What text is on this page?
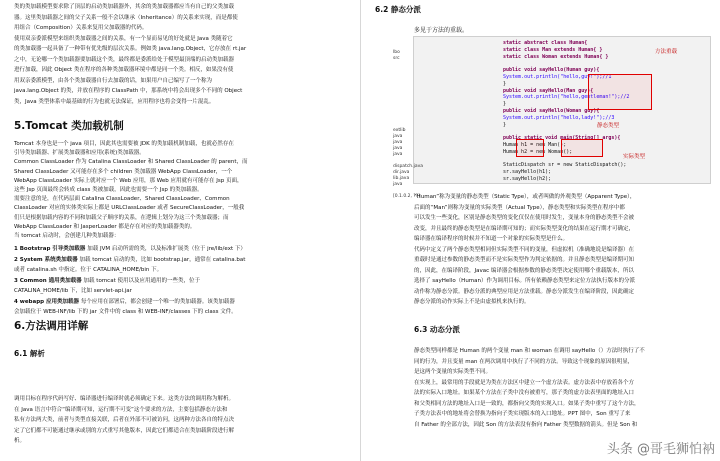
类的类加载模型要求除了顶层的启动类加载器外，其余的类加载器都应当有自己的父类加载
器。这里类加载器之间的父子关系一般不会以继承（Inheritance）的关系来实现，而是都使
用组合（Composition）关系来复用父加载器的代码。
使用双亲委派模型来组织类加载器之间的关系，有一个显而易见的好处就是 Java 类随着它
的类加载器一起具备了一种带有优先级的层次关系。例如类 java.lang.Object，它存放在 rt.jar
之中，无论哪一个类加载器要加载这个类，最终都是委派给处于模型最顶端的启动类加载器
进行加载，因此 Object 类在程序的各种类加载器环境中都是同一个类。相反，如果没有使
用双亲委派模型，由各个类加载器自行去加载的话，如果用户自己编写了一个称为
java.lang.Object 的类，并放在程序的 ClassPath 中，那系统中将会出现多个不同的 Object
类，Java 类型体系中最基础的行为也就无法保证，应用程序也将会变得一片混乱。
5.Tomcat 类加载机制
Tomcat 本身也是一个 java 项目，因此其也需要被 JDK 的类加载机制加载，也就必然存在
引导类加载器、扩展类加载器和应用(系统)类加载器。
Common ClassLoader 作为 Catalina ClassLoader 和 Shared ClassLoader 的 parent，而
Shared ClassLoader 又可能存在多个 children 类加载器 WebApp ClassLoader，一个
WebApp ClassLoader 实际上就对应一个 Web 应用，那 Web 应用就有可能存在 Jsp 页面，
这些 Jsp 页面最终会转成 class 类被加载，因此也需要一个 Jsp 的类加载器。
需要注意的是，在代码层面 Catalina ClassLoader、Shared ClassLoader、Common
ClassLoader 对应的实体类实际上都是 URLClassLoader 或者 SecureClassLoader，一般我
们只是根据加载内容的不同和加载父子顺序的关系，在逻辑上划分为这三个类加载器；而
WebApp ClassLoader 和 JasperLoader 都是存在对应的类加载器类的。
当 tomcat 启动时，会创建几种类加载器：
1 Bootstrap 引导类加载器 加载 JVM 启动所需的类，以及标准扩展类（位于 jre/lib/ext 下）
2 System 系统类加载器 加载 tomcat 启动的类，比如 bootstrap.jar，通常在 catalina.bat
或者 catalina.sh 中指定。位于 CATALINA_HOME/bin 下。
3 Common 通用类加载器 加载 tomcat 使用以及应用通用的一些类，位于
CATALINA_HOME/lib 下，比如 servlet-api.jar
4 webapp 应用类加载器 每个应用在部署后，都会创建一个唯一的类加载器。该类加载器
会加载位于 WEB-INF/lib 下的 jar 文件中的 class 和 WEB-INF/classes 下的 class 文件。
6.方法调用详解
6.1 解析
调用目标在程序代码写好、编译器进行编译时就必须确定下来。这类方法的调用称为解析。
在 Java 语言中符合“编译期可知，运行期不可变”这个要求的方法，主要包括静态方法和
私有方法两大类，前者与类型直接关联，后者在外部不可被访问，这两种方法各自的特点决
定了它们都不可能通过继承或别的方式重写其他版本，因此它们都适合在类加载阶段进行解
析。
6.2 静态分派
多见于方法的重载。
lbo
src
extlib
java
java
java
java
dispatch.java
dir.java
lib.java
java
[0.1.0.2, ??]
static abstract class Human{
static class Man extends Human{ }
static class Woman extends Human{ }

public void sayHello(Human guy){
System.out.println("hello,guy!");//1
}
public void sayHello(Man guy){
System.out.println("hello,gentleman!");//2
}
public void sayHello(Woman guy){
System.out.println("hello,lady!");//3
}

public static void main(String[] args){
Human h1 = new Man();
Human h2 = new Woman();

StaticDispatch sr = new StaticDispatch();
sr.sayHello(h1);
sr.sayHello(h2);
方法重载
静态类型
实际类型
“Human”称为变量的静态类型（Static Type），或者叫做的外观类型（Apparent Type），
后面的“Man”则称为变量的实际类型（Actual Type），静态类型和实际类型在程序中都
可以发生一些变化，区别是静态类型的变化仅仅在使用时发生，变量本身的静态类型不会被
改变，并且最终的静态类型是在编译期可知的；而实际类型变化的结果在运行期才可确定，
编译器在编译程序的时候并不知道一个对象的实际类型是什么。
代码中定义了两个静态类型相同但实际类型不同的变量，但虚拟机（准确地说是编译器）在
重载时是通过参数的静态类型而不是实际类型作为判定依据的。并且静态类型是编译期可知
的，因此，在编译阶段，Javac 编译器会根据参数的静态类型决定使用哪个重载版本，所以
选择了 sayHello（Human）作为调用目标。所有依赖静态类型来定位方法执行版本的分派
动作称为静态分派。静态分派的典型应用是方法重载。静态分派发生在编译阶段，因此确定
静态分派的动作实际上不是由虚拟机来执行的。
6.3 动态分派
静态类型同样都是 Human 的两个变量 man 和 woman 在调用 sayHello（）方法时执行了不
同的行为，并且变量 man 在两次调用中执行了不同的方法。导致这个现象的原因很明显，
是这两个变量的实际类型不同。
在实现上，最常用的手段就是为类在方法区中建立一个虚方法表。虚方法表中存放着各个方
法的实际入口地址。如果某个方法在子类中没有被重写，那子类的虚方法表里面的地址入口
和父类相同方法的地址入口是一致的，都指向父类的实现入口。如果子类中重写了这个方法，
子类方法表中的地址将会替换为指向子类实现版本的入口地址。PPT 图中，Son 重写了来
自 Father 的全部方法，因此 Son 的方法表没有指向 Father 类型数据的箭头。但是 Son 和
头条 @哥毛狮怕衲
